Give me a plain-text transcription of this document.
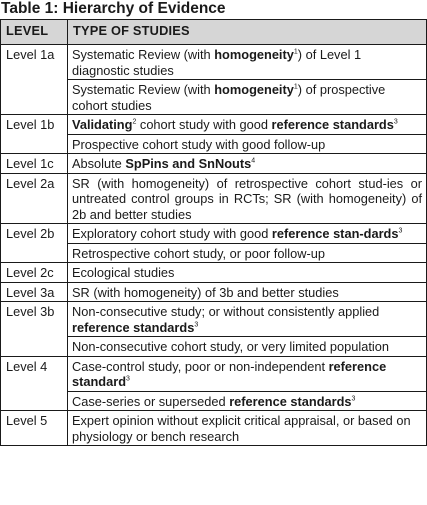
Table 1: Hierarchy of Evidence
LEVEL	TYPE OF STUDIES
Level 1a	Systematic Review (with homogeneity$^1$) of Level 1 diagnostic studies
Systematic Review (with homogeneity$^1$) of prospective cohort studies

Level 1b	Validating$^2$ cohort study with good reference standards$^3$
Prospective cohort study with good follow-up

Level 1c	Absolute SpPins and SnNouts$^4$

Level 2a	SR (with homogeneity) of retrospective cohort stud-ies or untreated control groups in RCTs; SR (with homogeneity) of 2b and better studies

Level 2b	Exploratory cohort study with good reference stan-dards$^3$
Retrospective cohort study, or poor follow-up

Level 2c	Ecological studies

Level 3a	SR (with homogeneity) of 3b and better studies

Level 3b	Non-consecutive study; or without consistently applied reference standards$^3$
Non-consecutive cohort study, or very limited population

Level 4	Case-control study, poor or non-independent reference standard$^3$
Case-series or superseded reference standards$^3$

Level 5	Expert opinion without explicit critical appraisal, or based on physiology or bench research
